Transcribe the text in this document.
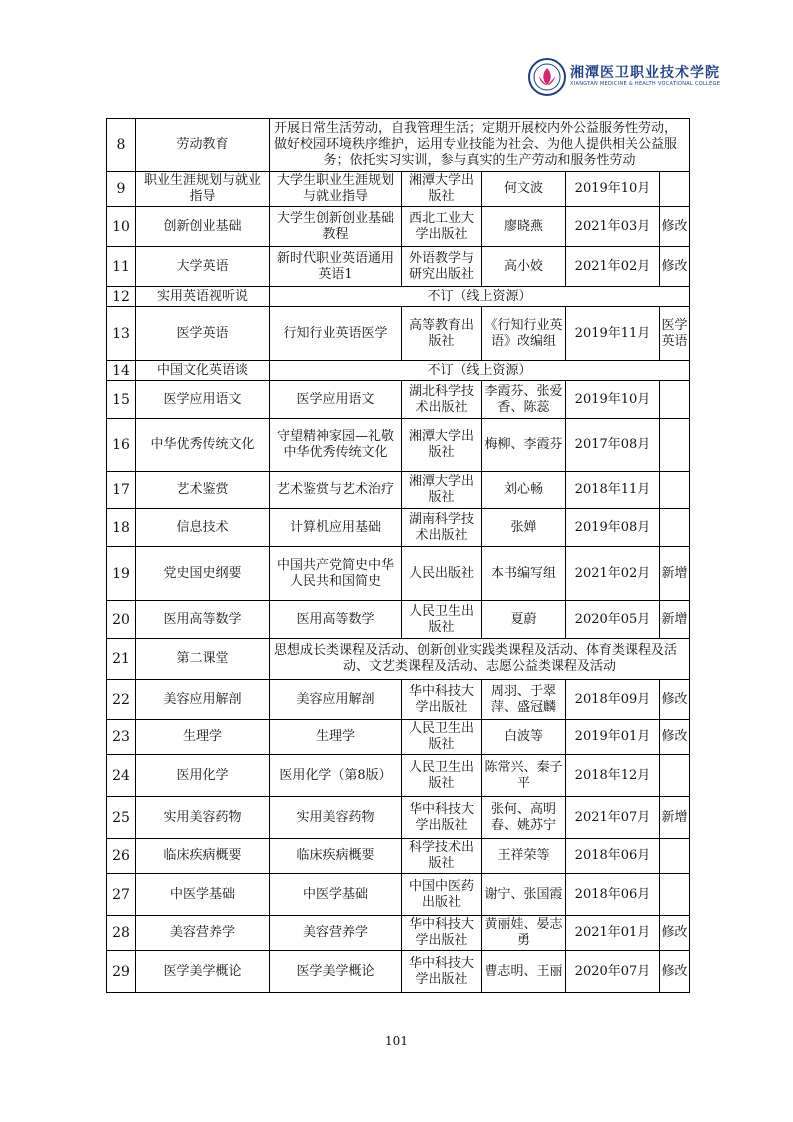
湘潭医卫职业技术学院
XIANGTAN MEDICINE & HEALTH VOCATIONAL COLLEGE
8	劳动教育	开展日常生活劳动，自我管理生活；定期开展校内外公益服务性劳动，做好校园环境秩序维护，运用专业技能为社会、为他人提供相关公益服务；依托实习实训，参与真实的生产劳动和服务性劳动				
9	职业生涯规划与就业指导	大学生职业生涯规划与就业指导	湘潭大学出版社	何文波	2019年10月	
10	创新创业基础	大学生创新创业基础教程	西北工业大学出版社	廖晓燕	2021年03月	修改
11	大学英语	新时代职业英语通用英语1	外语教学与研究出版社	高小姣	2021年02月	修改
12	实用英语视听说	不订（线上资源）				
13	医学英语	行知行业英语医学	高等教育出版社	《行知行业英语》改编组	2019年11月	医学英语
14	中国文化英语谈	不订（线上资源）				
15	医学应用语文	医学应用语文	湖北科学技术出版社	李霞芬、张爱香、陈蕊	2019年10月	
16	中华优秀传统文化	守望精神家园—礼敬中华优秀传统文化	湘潭大学出版社	梅柳、李霞芬	2017年08月	
17	艺术鉴赏	艺术鉴赏与艺术治疗	湘潭大学出版社	刘心畅	2018年11月	
18	信息技术	计算机应用基础	湖南科学技术出版社	张婵	2019年08月	
19	党史国史纲要	中国共产党简史中华人民共和国简史	人民出版社	本书编写组	2021年02月	新增
20	医用高等数学	医用高等数学	人民卫生出版社	夏蔚	2020年05月	新增
21	第二课堂	思想成长类课程及活动、创新创业实践类课程及活动、体育类课程及活动、文艺类课程及活动、志愿公益类课程及活动				
22	美容应用解剖	美容应用解剖	华中科技大学出版社	周羽、于翠萍、盛冠麟	2018年09月	修改
23	生理学	生理学	人民卫生出版社	白波等	2019年01月	修改
24	医用化学	医用化学（第8版）	人民卫生出版社	陈常兴、秦子平	2018年12月	
25	实用美容药物	实用美容药物	华中科技大学出版社	张何、高明春、姚苏宁	2021年07月	新增
26	临床疾病概要	临床疾病概要	科学技术出版社	王祥荣等	2018年06月	
27	中医学基础	中医学基础	中国中医药出版社	谢宁、张国霞	2018年06月	
28	美容营养学	美容营养学	华中科技大学出版社	黄丽娃、晏志勇	2021年01月	修改
29	医学美学概论	医学美学概论	华中科技大学出版社	曹志明、王丽	2020年07月	修改
101
